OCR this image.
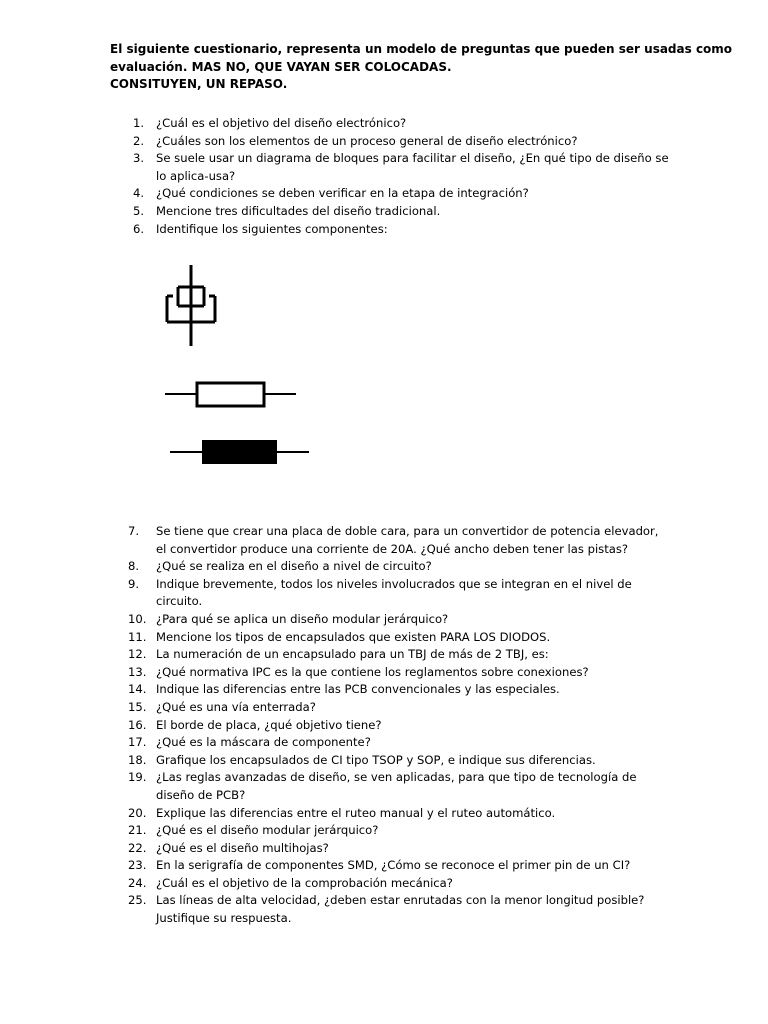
El siguiente cuestionario, representa un modelo de preguntas que pueden ser usadas como
evaluación. MAS NO, QUE VAYAN SER COLOCADAS.
CONSITUYEN, UN REPASO.
1. ¿Cuál es el objetivo del diseño electrónico?
2. ¿Cuáles son los elementos de un proceso general de diseño electrónico?
3. Se suele usar un diagrama de bloques para facilitar el diseño, ¿En qué tipo de diseño se
lo aplica-usa?
4. ¿Qué condiciones se deben verificar en la etapa de integración?
5. Mencione tres dificultades del diseño tradicional.
6. Identifique los siguientes componentes:
7. Se tiene que crear una placa de doble cara, para un convertidor de potencia elevador,
el convertidor produce una corriente de 20A. ¿Qué ancho deben tener las pistas?
8. ¿Qué se realiza en el diseño a nivel de circuito?
9. Indique brevemente, todos los niveles involucrados que se integran en el nivel de
circuito.
10. ¿Para qué se aplica un diseño modular jerárquico?
11. Mencione los tipos de encapsulados que existen PARA LOS DIODOS.
12. La numeración de un encapsulado para un TBJ de más de 2 TBJ, es:
13. ¿Qué normativa IPC es la que contiene los reglamentos sobre conexiones?
14. Indique las diferencias entre las PCB convencionales y las especiales.
15. ¿Qué es una vía enterrada?
16. El borde de placa, ¿qué objetivo tiene?
17. ¿Qué es la máscara de componente?
18. Grafique los encapsulados de CI tipo TSOP y SOP, e indique sus diferencias.
19. ¿Las reglas avanzadas de diseño, se ven aplicadas, para que tipo de tecnología de
diseño de PCB?
20. Explique las diferencias entre el ruteo manual y el ruteo automático.
21. ¿Qué es el diseño modular jerárquico?
22. ¿Qué es el diseño multihojas?
23. En la serigrafía de componentes SMD, ¿Cómo se reconoce el primer pin de un CI?
24. ¿Cuál es el objetivo de la comprobación mecánica?
25. Las líneas de alta velocidad, ¿deben estar enrutadas con la menor longitud posible?
Justifique su respuesta.
